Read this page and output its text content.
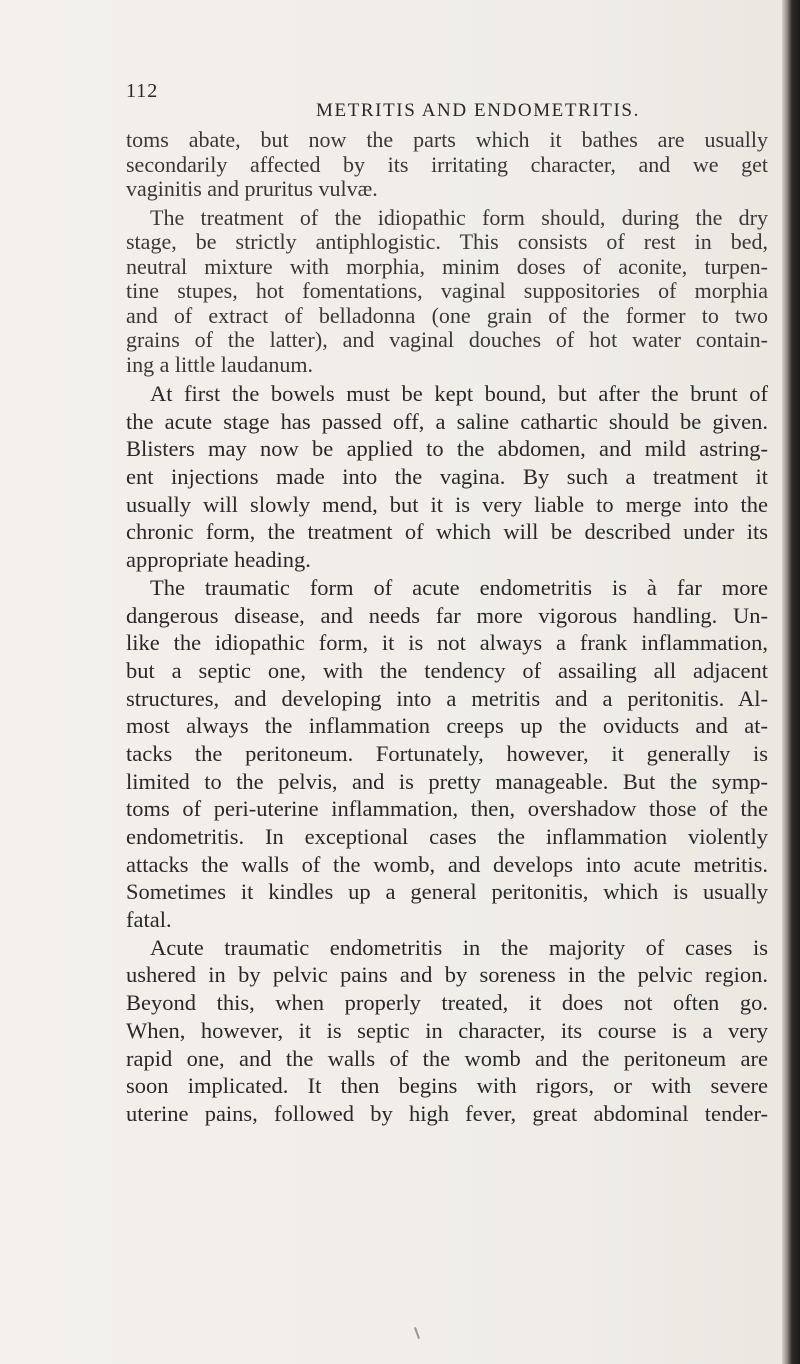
112
METRITIS AND ENDOMETRITIS.
toms abate, but now the parts which it bathes are usually
secondarily affected by its irritating character, and we get
vaginitis and pruritus vulvæ.
The treatment of the idiopathic form should, during the dry
stage, be strictly antiphlogistic. This consists of rest in bed,
neutral mixture with morphia, minim doses of aconite, turpen-
tine stupes, hot fomentations, vaginal suppositories of morphia
and of extract of belladonna (one grain of the former to two
grains of the latter), and vaginal douches of hot water contain-
ing a little laudanum.
At first the bowels must be kept bound, but after the brunt of
the acute stage has passed off, a saline cathartic should be given.
Blisters may now be applied to the abdomen, and mild astring-
ent injections made into the vagina. By such a treatment it
usually will slowly mend, but it is very liable to merge into the
chronic form, the treatment of which will be described under its
appropriate heading.
The traumatic form of acute endometritis is à far more
dangerous disease, and needs far more vigorous handling. Un-
like the idiopathic form, it is not always a frank inflammation,
but a septic one, with the tendency of assailing all adjacent
structures, and developing into a metritis and a peritonitis. Al-
most always the inflammation creeps up the oviducts and at-
tacks the peritoneum. Fortunately, however, it generally is
limited to the pelvis, and is pretty manageable. But the symp-
toms of peri-uterine inflammation, then, overshadow those of the
endometritis. In exceptional cases the inflammation violently
attacks the walls of the womb, and develops into acute metritis.
Sometimes it kindles up a general peritonitis, which is usually
fatal.
Acute traumatic endometritis in the majority of cases is
ushered in by pelvic pains and by soreness in the pelvic region.
Beyond this, when properly treated, it does not often go.
When, however, it is septic in character, its course is a very
rapid one, and the walls of the womb and the peritoneum are
soon implicated. It then begins with rigors, or with severe
uterine pains, followed by high fever, great abdominal tender-
